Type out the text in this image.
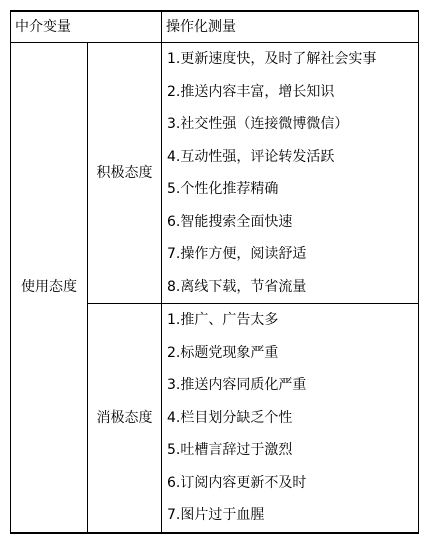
中介变量		操作化测量
使用态度	积极态度	1.更新速度快，及时了解社会实事
		2.推送内容丰富，增长知识
		3.社交性强（连接微博微信）
		4.互动性强，评论转发活跃
		5.个性化推荐精确
		6.智能搜索全面快速
		7.操作方便，阅读舒适
		8.离线下载，节省流量
	消极态度	1.推广、广告太多
		2.标题党现象严重
		3.推送内容同质化严重
		4.栏目划分缺乏个性
		5.吐槽言辞过于激烈
		6.订阅内容更新不及时
		7.图片过于血腥
